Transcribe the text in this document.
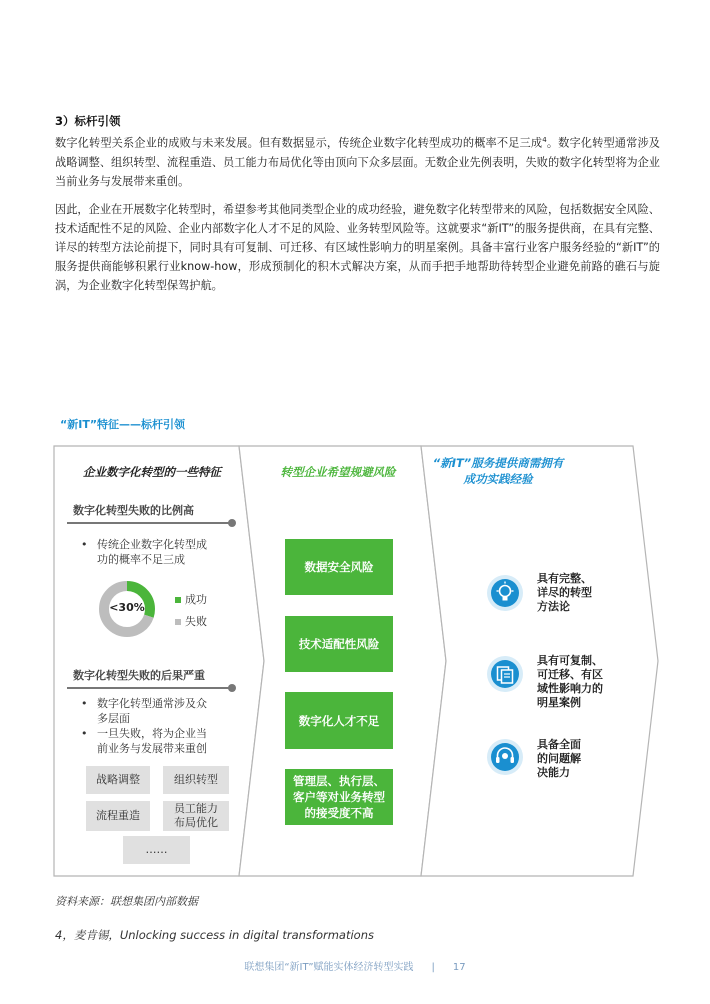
3）标杆引领
数字化转型关系企业的成败与未来发展。但有数据显示，传统企业数字化转型成功的概率不足三成$^4$。数字化转型通常涉及战略调整、组织转型、流程重造、员工能力布局优化等由顶向下众多层面。无数企业先例表明，失败的数字化转型将为企业当前业务与发展带来重创。
因此，企业在开展数字化转型时，希望参考其他同类型企业的成功经验，避免数字化转型带来的风险，包括数据安全风险、技术适配性不足的风险、企业内部数字化人才不足的风险、业务转型风险等。这就要求“新IT”的服务提供商，在具有完整、详尽的转型方法论前提下，同时具有可复制、可迁移、有区域性影响力的明星案例。具备丰富行业客户服务经验的“新IT”的服务提供商能够积累行业know-how，形成预制化的积木式解决方案，从而手把手地帮助待转型企业避免前路的礁石与旋涡，为企业数字化转型保驾护航。
“新IT”特征——标杆引领
企业数字化转型的一些特征
数字化转型失败的比例高
• 传统企业数字化转型成
功的概率不足三成
<30%
成功
失败
数字化转型失败的后果严重
• 数字化转型通常涉及众
多层面
• 一旦失败，将为企业当
前业务与发展带来重创
战略调整	组织转型
流程重造
员工能力布局优化
……
转型企业希望规避风险
数据安全风险
技术适配性风险
数字化人才不足
管理层、执行层、客户等对业务转型的接受度不高
“新IT”服务提供商需拥有
成功实践经验
具有完整、
详尽的转型
方法论
具有可复制、
可迁移、有区
域性影响力的
明星案例
具备全面
的问题解
决能力
资料来源：联想集团内部数据
4，麦肯锡，Unlocking success in digital transformations
联想集团“新IT”赋能实体经济转型实践 | 17
